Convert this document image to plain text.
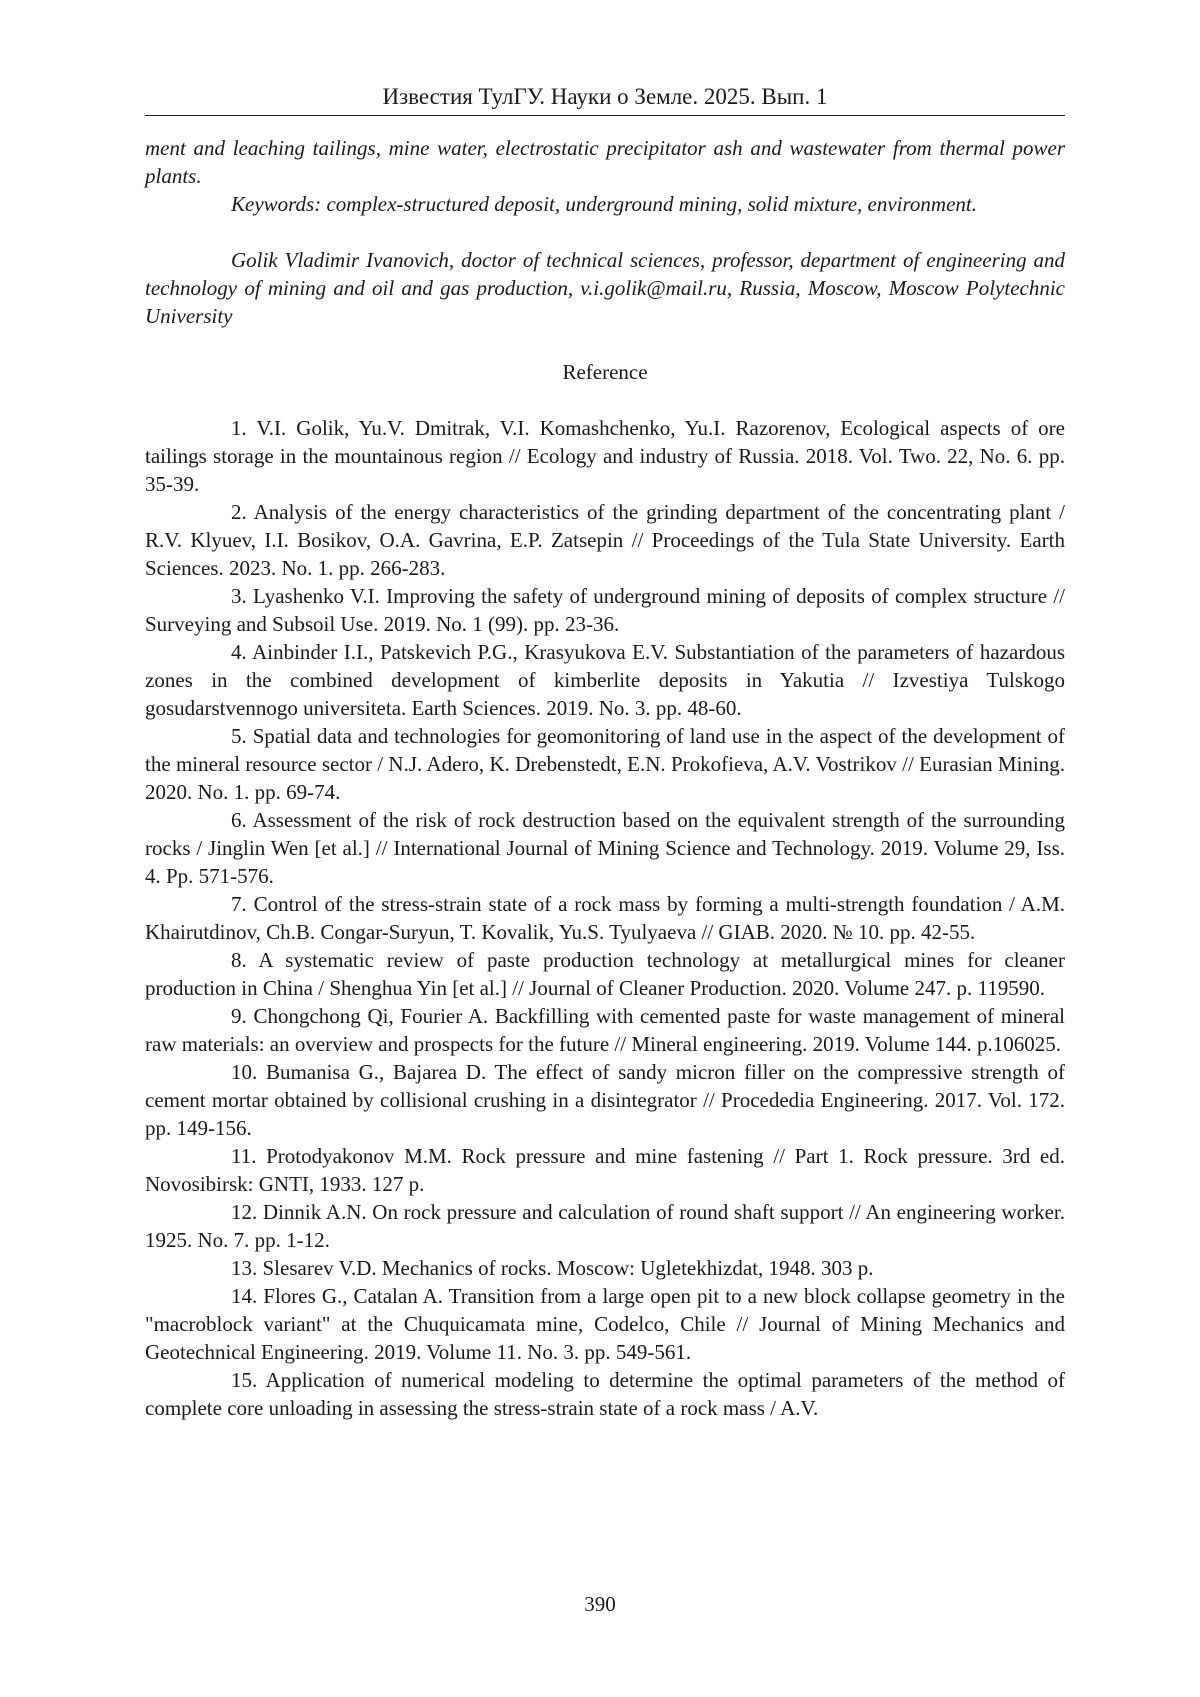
Известия ТулГУ. Науки о Земле. 2025. Вып. 1

ment and leaching tailings, mine water, electrostatic precipitator ash and wastewater from thermal power plants.

Keywords: complex-structured deposit, underground mining, solid mixture, environment.

Golik Vladimir Ivanovich, doctor of technical sciences, professor, department of engineering and technology of mining and oil and gas production, v.i.golik@mail.ru, Russia, Moscow, Moscow Polytechnic University

Reference

1. V.I. Golik, Yu.V. Dmitrak, V.I. Komashchenko, Yu.I. Razorenov, Ecological aspects of ore tailings storage in the mountainous region // Ecology and industry of Russia. 2018. Vol. Two. 22, No. 6. pp. 35-39.

2. Analysis of the energy characteristics of the grinding department of the concentrating plant / R.V. Klyuev, I.I. Bosikov, O.A. Gavrina, E.P. Zatsepin // Proceedings of the Tula State University. Earth Sciences. 2023. No. 1. pp. 266-283.

3. Lyashenko V.I. Improving the safety of underground mining of deposits of complex structure // Surveying and Subsoil Use. 2019. No. 1 (99). pp. 23-36.

4. Ainbinder I.I., Patskevich P.G., Krasyukova E.V. Substantiation of the parameters of hazardous zones in the combined development of kimberlite deposits in Yakutia // Izvestiya Tulskogo gosudarstvennogo universiteta. Earth Sciences. 2019. No. 3. pp. 48-60.

5. Spatial data and technologies for geomonitoring of land use in the aspect of the development of the mineral resource sector / N.J. Adero, K. Drebenstedt, E.N. Prokofieva, A.V. Vostrikov // Eurasian Mining. 2020. No. 1. pp. 69-74.

6. Assessment of the risk of rock destruction based on the equivalent strength of the surrounding rocks / Jinglin Wen [et al.] // International Journal of Mining Science and Technology. 2019. Volume 29, Iss. 4. Pp. 571-576.

7. Control of the stress-strain state of a rock mass by forming a multi-strength foundation / A.M. Khairutdinov, Ch.B. Congar-Suryun, T. Kovalik, Yu.S. Tyulyaeva // GIAB. 2020. № 10. pp. 42-55.

8. A systematic review of paste production technology at metallurgical mines for cleaner production in China / Shenghua Yin [et al.] // Journal of Cleaner Production. 2020. Volume 247. p. 119590.

9. Chongchong Qi, Fourier A. Backfilling with cemented paste for waste management of mineral raw materials: an overview and prospects for the future // Mineral engineering. 2019. Volume 144. p.106025.

10. Bumanisa G., Bajarea D. The effect of sandy micron filler on the compressive strength of cement mortar obtained by collisional crushing in a disintegrator // Procededia Engineering. 2017. Vol. 172. pp. 149-156.

11. Protodyakonov M.M. Rock pressure and mine fastening // Part 1. Rock pressure. 3rd ed. Novosibirsk: GNTI, 1933. 127 p.

12. Dinnik A.N. On rock pressure and calculation of round shaft support // An engineering worker. 1925. No. 7. pp. 1-12.

13. Slesarev V.D. Mechanics of rocks. Moscow: Ugletekhizdat, 1948. 303 p.

14. Flores G., Catalan A. Transition from a large open pit to a new block collapse geometry in the "macroblock variant" at the Chuquicamata mine, Codelco, Chile // Journal of Mining Mechanics and Geotechnical Engineering. 2019. Volume 11. No. 3. pp. 549-561.

15. Application of numerical modeling to determine the optimal parameters of the method of complete core unloading in assessing the stress-strain state of a rock mass / A.V.

390
